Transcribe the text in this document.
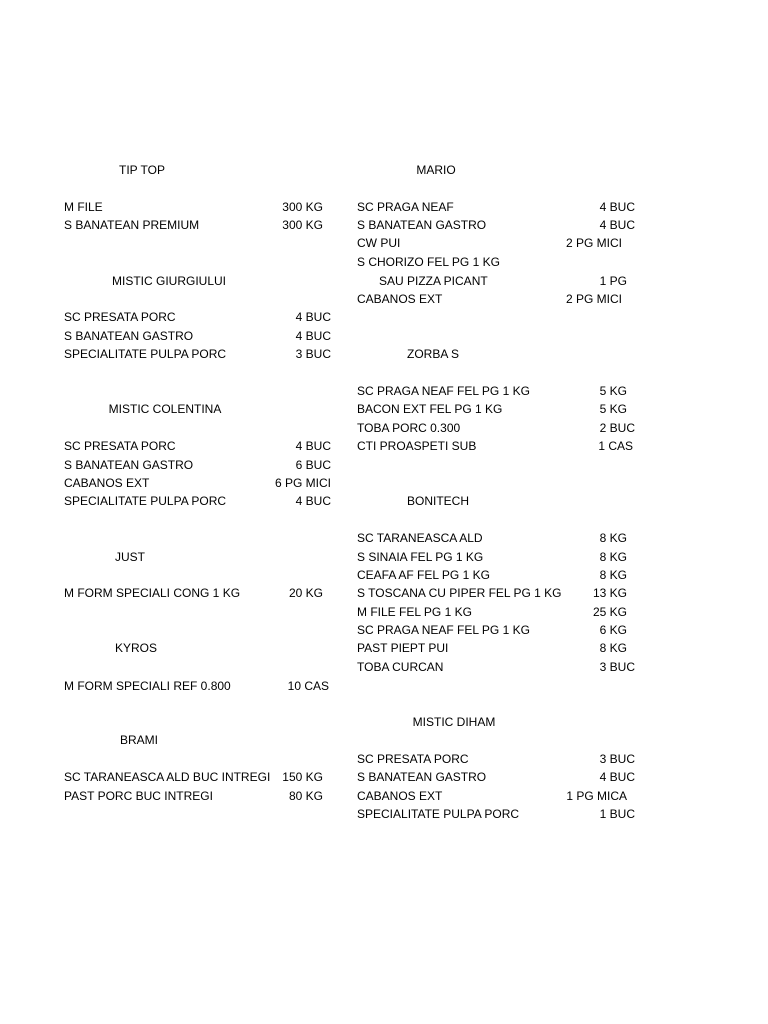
TIP TOP
M FILE	300 KG
S BANATEAN PREMIUM	300 KG
MISTIC GIURGIULUI
SC PRESATA PORC	4 BUC
S BANATEAN GASTRO	4 BUC
SPECIALITATE PULPA PORC	3 BUC
MISTIC COLENTINA
SC PRESATA PORC	4 BUC
S BANATEAN GASTRO	6 BUC
CABANOS EXT	6 PG MICI
SPECIALITATE PULPA PORC	4 BUC
JUST
M FORM SPECIALI CONG 1 KG	20 KG
KYROS
M FORM SPECIALI REF 0.800	10 CAS
BRAMI
SC TARANEASCA ALD BUC INTREGI 150 KG
PAST PORC BUC INTREGI	80 KG
MARIO
SC PRAGA NEAF	4 BUC
S BANATEAN GASTRO	4 BUC
CW PUI	2 PG MICI
S CHORIZO FEL PG 1 KG
SAU PIZZA PICANT	1 PG
CABANOS EXT	2 PG MICI
ZORBA S
SC PRAGA NEAF FEL PG 1 KG	5 KG
BACON EXT FEL PG 1 KG	5 KG
TOBA PORC 0.300	2 BUC
CTI PROASPETI SUB	1 CAS
BONITECH
SC TARANEASCA ALD	8 KG
S SINAIA FEL PG 1 KG	8 KG
CEAFA AF FEL PG 1 KG	8 KG
S TOSCANA CU PIPER FEL PG 1 KG	13 KG
M FILE FEL PG 1 KG	25 KG
SC PRAGA NEAF FEL PG 1 KG	6 KG
PAST PIEPT PUI	8 KG
TOBA CURCAN	3 BUC
MISTIC DIHAM
SC PRESATA PORC	3 BUC
S BANATEAN GASTRO	4 BUC
CABANOS EXT	1 PG MICA
SPECIALITATE PULPA PORC	1 BUC
